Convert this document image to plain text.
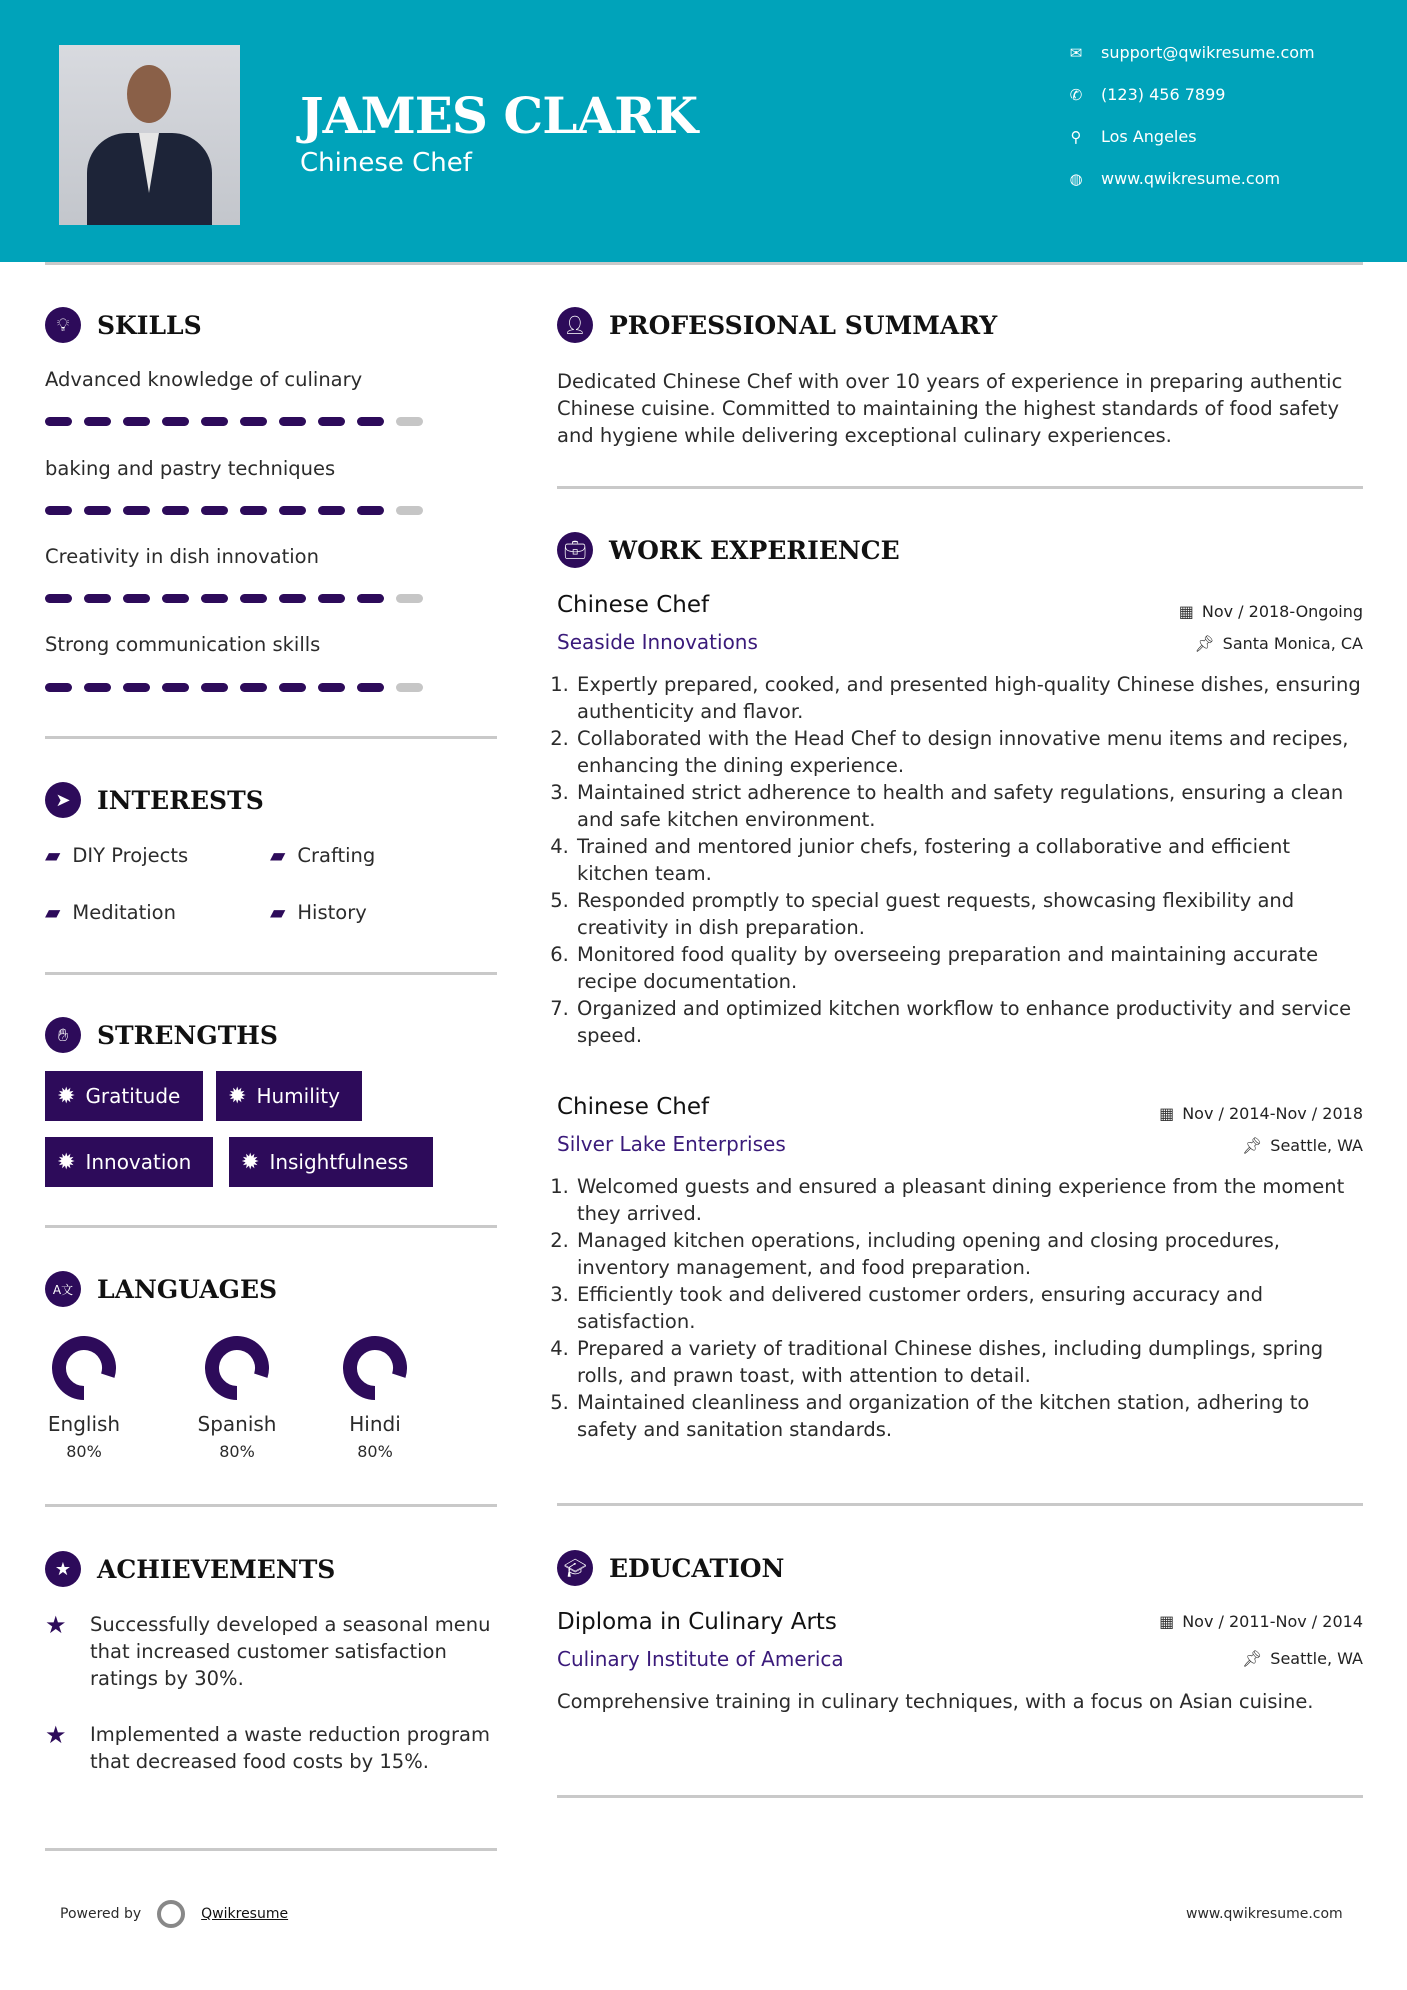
JAMES CLARK
Chinese Chef
✉ support@qwikresume.com
✆ (123) 456 7899
⚲ Los Angeles
◍ www.qwikresume.com
💡︎	SKILLS
Advanced knowledge of culinary
baking and pastry techniques
Creativity in dish innovation
Strong communication skills
➤	INTERESTS
▰ DIY Projects	▰ Crafting
▰ Meditation	▰ History
✋︎	STRENGTHS
✹ Gratitude ✹ Humility
✹ Innovation ✹ Insightfulness
A文 LANGUAGES
English
80%
Spanish
80%
Hindi
80%
★	ACHIEVEMENTS
★	Successfully developed a seasonal menu that increased customer satisfaction ratings by 30%.
★	Implemented a waste reduction program that decreased food costs by 15%.
👤︎ PROFESSIONAL SUMMARY
Dedicated Chinese Chef with over 10 years of experience in preparing authentic Chinese cuisine. Committed to maintaining the highest standards of food safety and hygiene while delivering exceptional culinary experiences.
💼︎ WORK EXPERIENCE
Chinese Chef	▦ Nov / 2018-Ongoing
Seaside Innovations	📌︎ Santa Monica, CA
1. Expertly prepared, cooked, and presented high-quality Chinese dishes, ensuring authenticity and flavor.
2. Collaborated with the Head Chef to design innovative menu items and recipes, enhancing the dining experience.
3. Maintained strict adherence to health and safety regulations, ensuring a clean and safe kitchen environment.
4. Trained and mentored junior chefs, fostering a collaborative and efficient kitchen team.
5. Responded promptly to special guest requests, showcasing flexibility and creativity in dish preparation.
6. Monitored food quality by overseeing preparation and maintaining accurate recipe documentation.
7. Organized and optimized kitchen workflow to enhance productivity and service speed.
Chinese Chef	▦ Nov / 2014-Nov / 2018
Silver Lake Enterprises	📌︎ Seattle, WA
1. Welcomed guests and ensured a pleasant dining experience from the moment they arrived.
2. Managed kitchen operations, including opening and closing procedures, inventory management, and food preparation.
3. Efficiently took and delivered customer orders, ensuring accuracy and satisfaction.
4. Prepared a variety of traditional Chinese dishes, including dumplings, spring rolls, and prawn toast, with attention to detail.
5. Maintained cleanliness and organization of the kitchen station, adhering to safety and sanitation standards.
🎓︎ EDUCATION
Diploma in Culinary Arts	▦ Nov / 2011-Nov / 2014
Culinary Institute of America	📌︎ Seattle, WA
Comprehensive training in culinary techniques, with a focus on Asian cuisine.
Powered by	Qwikresume	www.qwikresume.com
